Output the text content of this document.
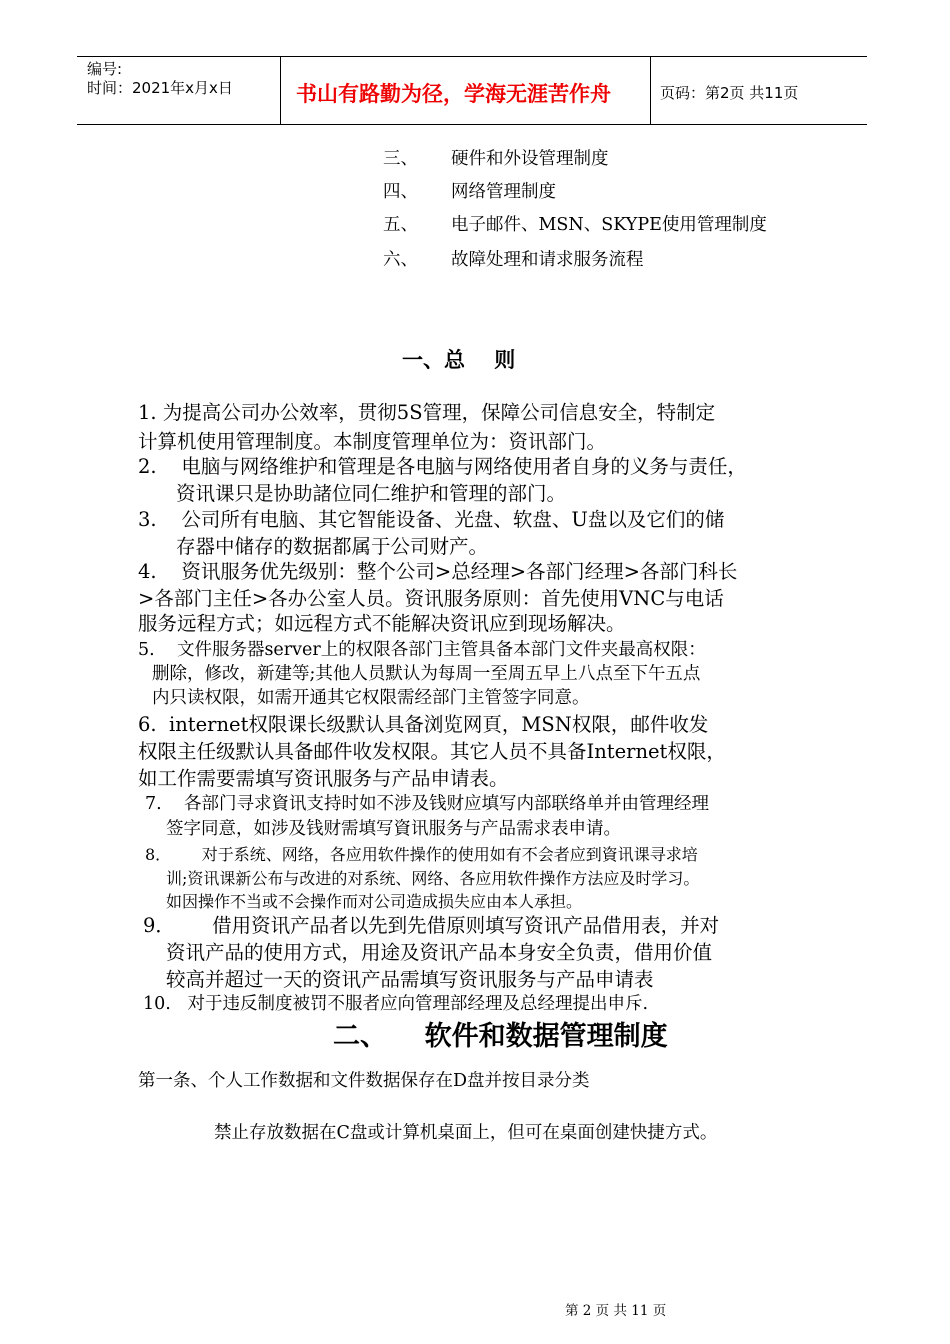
编号:
时间：2021年x月x日	书山有路勤为径，学海无涯苦作舟	页码：第2页 共11页
三、 硬件和外设管理制度
四、 网络管理制度
五、 电子邮件、MSN、SKYPE使用管理制度
六、 故障处理和请求服务流程
一、总    则
1. 为提高公司办公效率，贯彻5S管理，保障公司信息安全，特制定
计算机使用管理制度。本制度管理单位为：资讯部门。
2.    电脑与网络维护和管理是各电脑与网络使用者自身的义务与责任，
资讯课只是协助諸位同仁维护和管理的部门。
3.    公司所有电脑、其它智能设备、光盘、软盘、U盘以及它们的储
存器中储存的数据都属于公司财产。
4.    资讯服务优先级别：整个公司>总经理>各部门经理>各部门科长
>各部门主任>各办公室人员。资讯服务原则：首先使用VNC与电话
服务远程方式；如远程方式不能解决资讯应到现场解决。
5.    文件服务器server上的权限各部门主管具备本部门文件夹最高权限：
删除，修改，新建等;其他人员默认为每周一至周五早上八点至下午五点
内只读权限，如需开通其它权限需经部门主管签字同意。
6.  internet权限课长级默认具备浏览网頁，MSN权限，邮件收发
权限主任级默认具备邮件收发权限。其它人员不具备Internet权限，
如工作需要需填写资讯服务与产品申请表。
7.    各部门寻求資讯支持时如不涉及钱财应填写内部联络单并由管理经理
签字同意，如涉及钱财需填写資讯服务与产品需求表申请。
8．      对于系统、网络，各应用软件操作的使用如有不会者应到資讯课寻求培
训;资讯课新公布与改进的对系统、网络、各应用软件操作方法应及时学习。
如因操作不当或不会操作而对公司造成损失应由本人承担。
9．      借用资讯产品者以先到先借原则填写资讯产品借用表，并对
资讯产品的使用方式，用途及资讯产品本身安全负责，借用价值
较高并超过一天的资讯产品需填写资讯服务与产品申请表
10.   对于违反制度被罚不服者应向管理部经理及总经理提出申斥.
二、    软件和数据管理制度
第一条、个人工作数据和文件数据保存在D盘并按目录分类
禁止存放数据在C盘或计算机桌面上，但可在桌面创建快捷方式。
第 2 页 共 11 页
